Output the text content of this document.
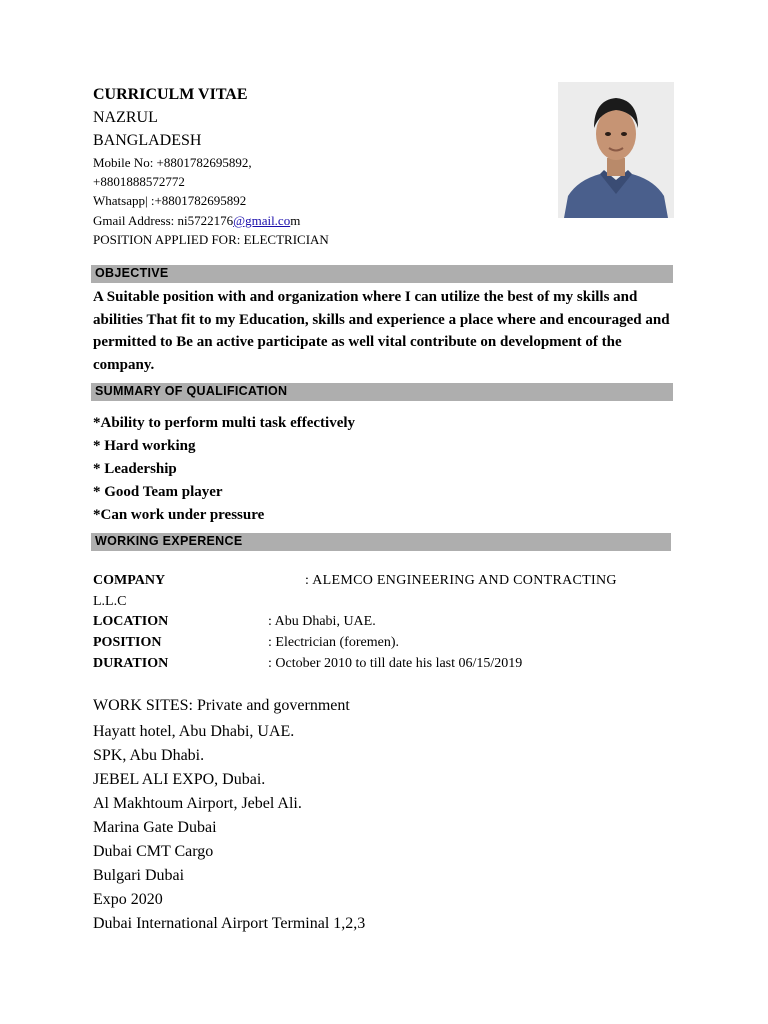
CURRICULM VITAE
NAZRUL
BANGLADESH
Mobile No: +8801782695892,
+8801888572772
Whatsapp| :+8801782695892
Gmail Address: ni5722176@gmail.com
POSITION APPLIED FOR: ELECTRICIAN
OBJECTIVE
A Suitable position with and organization where I can utilize the best of my skills and abilities That fit to my Education, skills and experience a place where and encouraged and permitted to Be an active participate as well vital contribute on development of the company.
SUMMARY OF QUALIFICATION
*Ability to perform multi task effectively
* Hard working
* Leadership
* Good Team player
*Can work under pressure
WORKING EXPERENCE
COMPANY	: ALEMCO ENGINEERING AND CONTRACTING
L.L.C
LOCATION	: Abu Dhabi, UAE.
POSITION	: Electrician (foremen).
DURATION	: October 2010 to till date his last 06/15/2019
WORK SITES: Private and government
Hayatt hotel, Abu Dhabi, UAE.
SPK, Abu Dhabi.
JEBEL ALI EXPO, Dubai.
Al Makhtoum Airport, Jebel Ali.
Marina Gate Dubai
Dubai CMT Cargo
Bulgari Dubai
Expo 2020
Dubai International Airport Terminal 1,2,3
